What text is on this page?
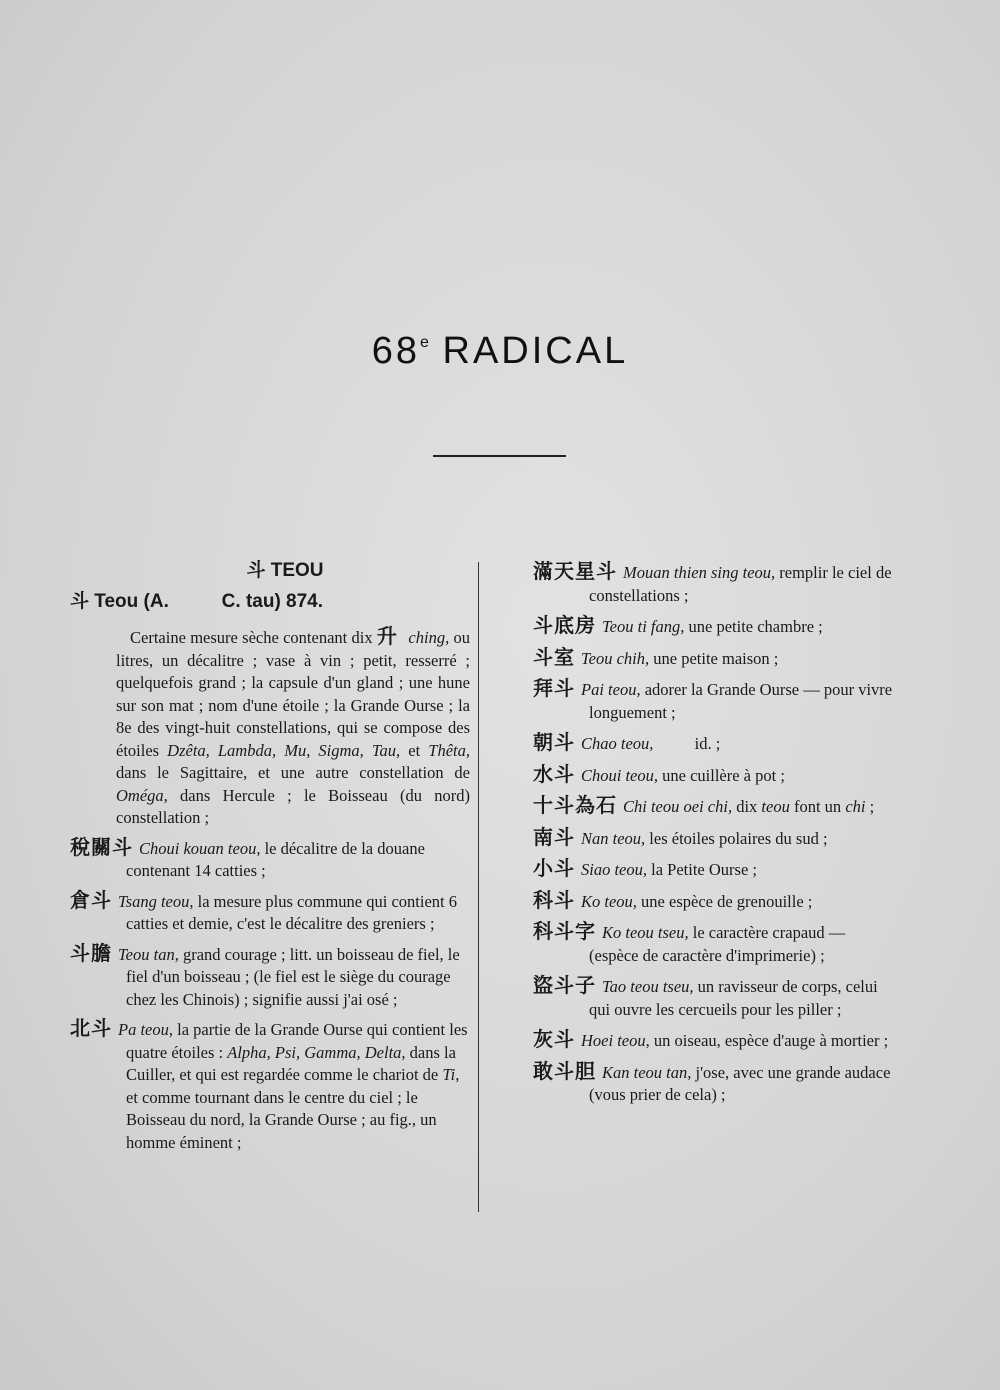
68e RADICAL
斗 TEOU
斗 Teou (A.          C. tau) 874.
Certaine mesure sèche contenant dix 升 ching, ou litres, un décalitre ; vase à vin ; petit, resserré ; quelquefois grand ; la capsule d'un gland ; une hune sur son mat ; nom d'une étoile ; la Grande Ourse ; la 8e des vingt-huit constellations, qui se compose des étoiles Dzêta, Lambda, Mu, Sigma, Tau, et Thêta, dans le Sagittaire, et une autre constellation de Oméga, dans Hercule ; le Boisseau (du nord) constellation ;
稅關斗 Choui kouan teou, le décalitre de la douane contenant 14 catties ;
倉斗 Tsang teou, la mesure plus commune qui contient 6 catties et demie, c'est le décalitre des greniers ;
斗膽 Teou tan, grand courage ; litt. un boisseau de fiel, le fiel d'un boisseau ; (le fiel est le siège du courage chez les Chinois) ; signifie aussi j'ai osé ;
北斗 Pa teou, la partie de la Grande Ourse qui contient les quatre étoiles : Alpha, Psi, Gamma, Delta, dans la Cuiller, et qui est regardée comme le chariot de Ti, et comme tournant dans le centre du ciel ; le Boisseau du nord, la Grande Ourse ; au fig., un homme éminent ;
滿天星斗 Mouan thien sing teou, remplir le ciel de constellations ;
斗底房 Teou ti fang, une petite chambre ;
斗室 Teou chih, une petite maison ;
拜斗 Pai teou, adorer la Grande Ourse — pour vivre longuement ;
朝斗 Chao teou,          id. ;
水斗 Choui teou, une cuillère à pot ;
十斗為石 Chi teou oei chi, dix teou font un chi ;
南斗 Nan teou, les étoiles polaires du sud ;
小斗 Siao teou, la Petite Ourse ;
科斗 Ko teou, une espèce de grenouille ;
科斗字 Ko teou tseu, le caractère crapaud — (espèce de caractère d'imprimerie) ;
盜斗子 Tao teou tseu, un ravisseur de corps, celui qui ouvre les cercueils pour les piller ;
灰斗 Hoei teou, un oiseau, espèce d'auge à mortier ;
敢斗胆 Kan teou tan, j'ose, avec une grande audace (vous prier de cela) ;
